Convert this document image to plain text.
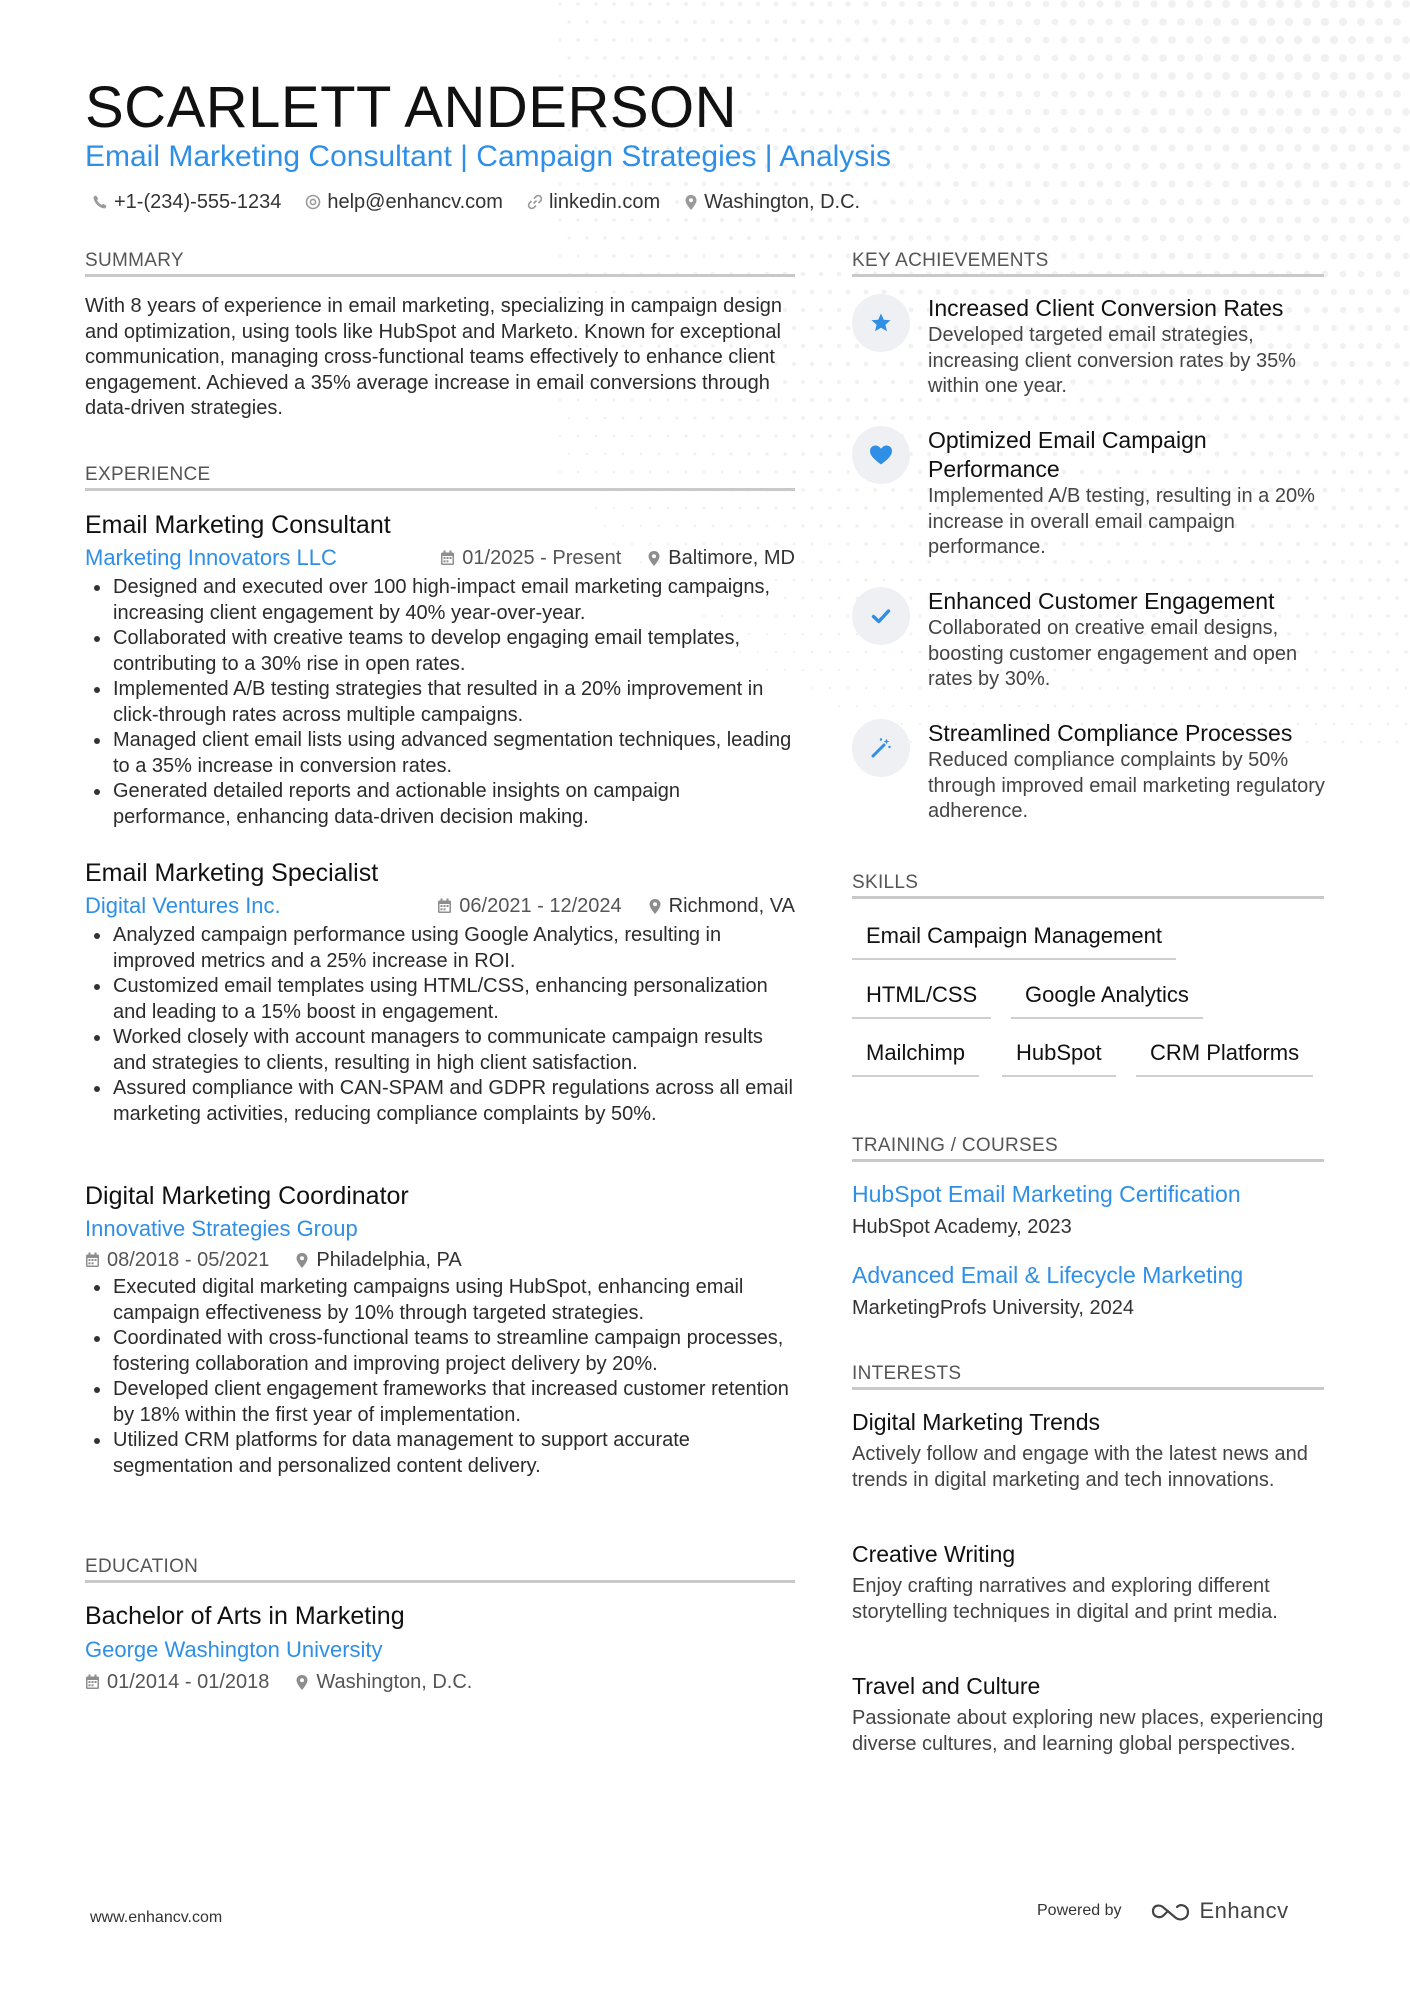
SCARLETT ANDERSON
Email Marketing Consultant | Campaign Strategies | Analysis
+1-(234)-555-1234 help@enhancv.com linkedin.com Washington, D.C.
SUMMARY
With 8 years of experience in email marketing, specializing in campaign design and optimization, using tools like HubSpot and Marketo. Known for exceptional communication, managing cross-functional teams effectively to enhance client engagement. Achieved a 35% average increase in email conversions through data-driven strategies.
EXPERIENCE
Email Marketing Consultant
Marketing Innovators LLC	01/2025 - Present Baltimore, MD
Designed and executed over 100 high-impact email marketing campaigns, increasing client engagement by 40% year-over-year.
Collaborated with creative teams to develop engaging email templates, contributing to a 30% rise in open rates.
Implemented A/B testing strategies that resulted in a 20% improvement in click-through rates across multiple campaigns.
Managed client email lists using advanced segmentation techniques, leading to a 35% increase in conversion rates.
Generated detailed reports and actionable insights on campaign performance, enhancing data-driven decision making.
Email Marketing Specialist
Digital Ventures Inc.	06/2021 - 12/2024 Richmond, VA
Analyzed campaign performance using Google Analytics, resulting in improved metrics and a 25% increase in ROI.
Customized email templates using HTML/CSS, enhancing personalization and leading to a 15% boost in engagement.
Worked closely with account managers to communicate campaign results and strategies to clients, resulting in high client satisfaction.
Assured compliance with CAN-SPAM and GDPR regulations across all email marketing activities, reducing compliance complaints by 50%.
Digital Marketing Coordinator
Innovative Strategies Group
08/2018 - 05/2021 Philadelphia, PA
Executed digital marketing campaigns using HubSpot, enhancing email campaign effectiveness by 10% through targeted strategies.
Coordinated with cross-functional teams to streamline campaign processes, fostering collaboration and improving project delivery by 20%.
Developed client engagement frameworks that increased customer retention by 18% within the first year of implementation.
Utilized CRM platforms for data management to support accurate segmentation and personalized content delivery.
EDUCATION
Bachelor of Arts in Marketing
George Washington University
01/2014 - 01/2018 Washington, D.C.
KEY ACHIEVEMENTS
Increased Client Conversion Rates
Developed targeted email strategies, increasing client conversion rates by 35% within one year.
Optimized Email Campaign Performance
Implemented A/B testing, resulting in a 20% increase in overall email campaign performance.
Enhanced Customer Engagement
Collaborated on creative email designs, boosting customer engagement and open rates by 30%.
Streamlined Compliance Processes
Reduced compliance complaints by 50% through improved email marketing regulatory adherence.
SKILLS
Email Campaign Management
HTML/CSS	Google Analytics
Mailchimp	HubSpot	CRM Platforms
TRAINING / COURSES
HubSpot Email Marketing Certification
HubSpot Academy, 2023
Advanced Email & Lifecycle Marketing
MarketingProfs University, 2024
INTERESTS
Digital Marketing Trends
Actively follow and engage with the latest news and trends in digital marketing and tech innovations.
Creative Writing
Enjoy crafting narratives and exploring different storytelling techniques in digital and print media.
Travel and Culture
Passionate about exploring new places, experiencing diverse cultures, and learning global perspectives.
www.enhancv.com	Powered by	Enhancv
